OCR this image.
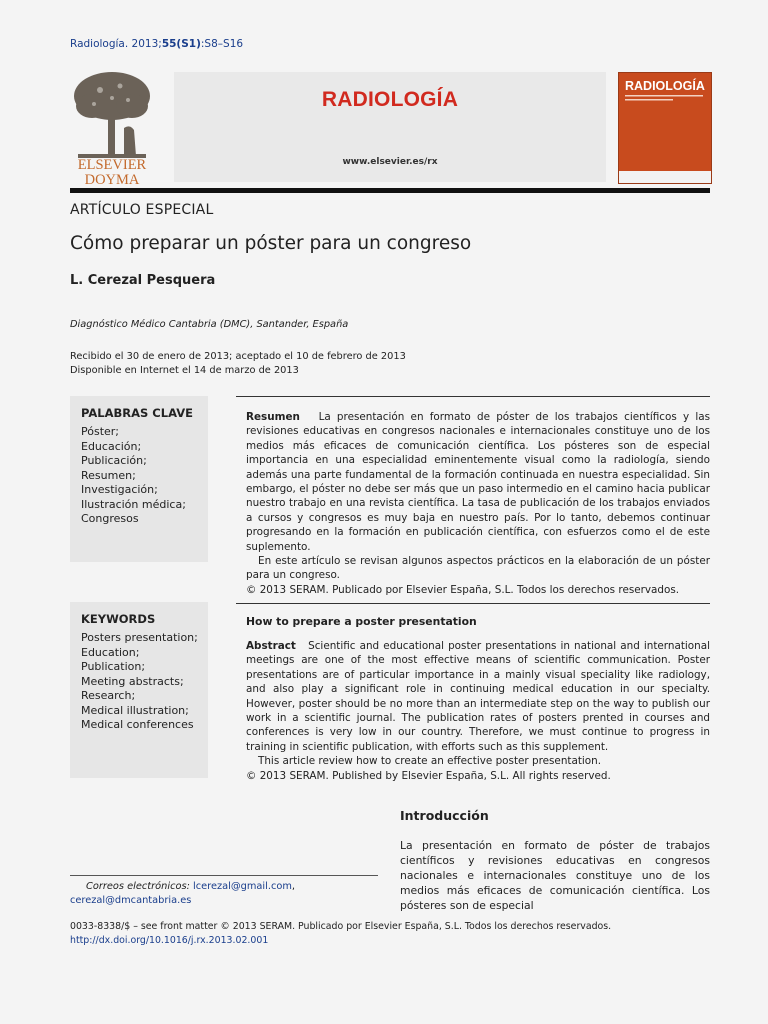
Radiología. 2013;55(S1):S8–S16
ELSEVIER
DOYMA
RADIOLOGÍA
www.elsevier.es/rx
RADIOLOGÍA
ARTÍCULO ESPECIAL
Cómo preparar un póster para un congreso
L. Cerezal Pesquera
Diagnóstico Médico Cantabria (DMC), Santander, España
Recibido el 30 de enero de 2013; aceptado el 10 de febrero de 2013
Disponible en Internet el 14 de marzo de 2013
PALABRAS CLAVE
Póster;
Educación;
Publicación;
Resumen;
Investigación;
Ilustración médica;
Congresos

Resumen La presentación en formato de póster de los trabajos científicos y las revisiones educativas en congresos nacionales e internacionales constituye uno de los medios más eficaces de comunicación científica. Los pósteres son de especial importancia en una especialidad eminentemente visual como la radiología, siendo además una parte fundamental de la formación continuada en nuestra especialidad. Sin embargo, el póster no debe ser más que un paso intermedio en el camino hacia publicar nuestro trabajo en una revista científica. La tasa de publicación de los trabajos enviados a cursos y congresos es muy baja en nuestro país. Por lo tanto, debemos continuar progresando en la formación en publicación científica, con esfuerzos como el de este suplemento.

En este artículo se revisan algunos aspectos prácticos en la elaboración de un póster para un congreso.

© 2013 SERAM. Publicado por Elsevier España, S.L. Todos los derechos reservados.

KEYWORDS
Posters presentation;
Education;
Publication;
Meeting abstracts;
Research;
Medical illustration;
Medical conferences
How to prepare a poster presentation

Abstract Scientific and educational poster presentations in national and international meetings are one of the most effective means of scientific communication. Poster presentations are of particular importance in a mainly visual speciality like radiology, and also play a significant role in continuing medical education in our specialty. However, poster should be no more than an intermediate step on the way to publish our work in a scientific journal. The publication rates of posters prented in courses and conferences is very low in our country. Therefore, we must continue to progress in training in scientific publication, with efforts such as this supplement.

This article review how to create an effective poster presentation.

© 2013 SERAM. Published by Elsevier España, S.L. All rights reserved.

Introducción
La presentación en formato de póster de trabajos científicos y revisiones educativas en congresos nacionales e internacionales constituye uno de los medios más eficaces de comunicación científica. Los pósteres son de especial
Correos electrónicos: lcerezal@gmail.com,
cerezal@dmcantabria.es
0033-8338/$ – see front matter © 2013 SERAM. Publicado por Elsevier España, S.L. Todos los derechos reservados.
http://dx.doi.org/10.1016/j.rx.2013.02.001
